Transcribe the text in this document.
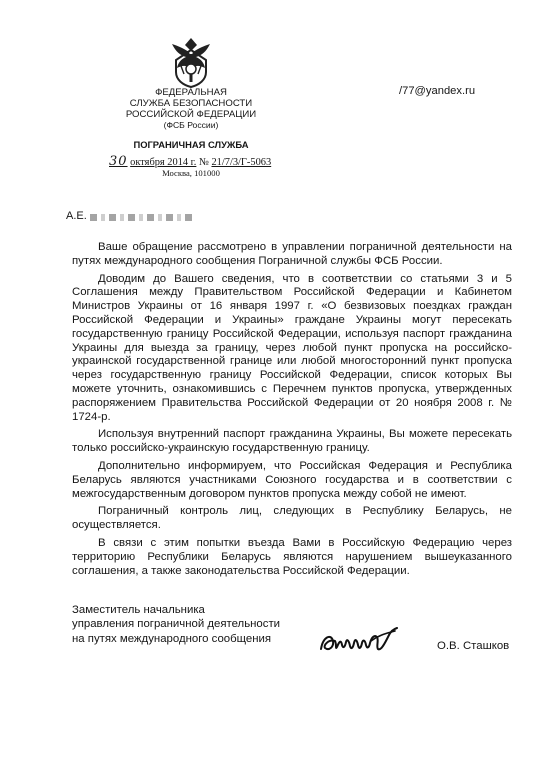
ФЕДЕРАЛЬНАЯ
СЛУЖБА БЕЗОПАСНОСТИ
РОССИЙСКОЙ ФЕДЕРАЦИИ
(ФСБ России)
ПОГРАНИЧНАЯ СЛУЖБА
30 октября 2014 г. № 21/7/3/Г-5063
Москва, 101000
/77@yandex.ru
А.Е.

Ваше обращение рассмотрено в управлении пограничной деятельности на путях международного сообщения Пограничной службы ФСБ России.

Доводим до Вашего сведения, что в соответствии со статьями 3 и 5 Соглашения между Правительством Российской Федерации и Кабинетом Министров Украины от 16 января 1997 г. «О безвизовых поездках граждан Российской Федерации и Украины» граждане Украины могут пересекать государственную границу Российской Федерации, используя паспорт гражданина Украины для выезда за границу, через любой пункт пропуска на российско-украинской государственной границе или любой многосторонний пункт пропуска через государственную границу Российской Федерации, список которых Вы можете уточнить, ознакомившись с Перечнем пунктов пропуска, утвержденных распоряжением Правительства Российской Федерации от 20 ноября 2008 г. № 1724-р.

Используя внутренний паспорт гражданина Украины, Вы можете пересекать только российско-украинскую государственную границу.

Дополнительно информируем, что Российская Федерация и Республика Беларусь являются участниками Союзного государства и в соответствии с межгосударственным договором пунктов пропуска между собой не имеют.

Пограничный контроль лиц, следующих в Республику Беларусь, не осуществляется.

В связи с этим попытки въезда Вами в Российскую Федерацию через территорию Республики Беларусь являются нарушением вышеуказанного соглашения, а также законодательства Российской Федерации.

Заместитель начальника
управления пограничной деятельности
на путях международного сообщения
О.В. Сташков
